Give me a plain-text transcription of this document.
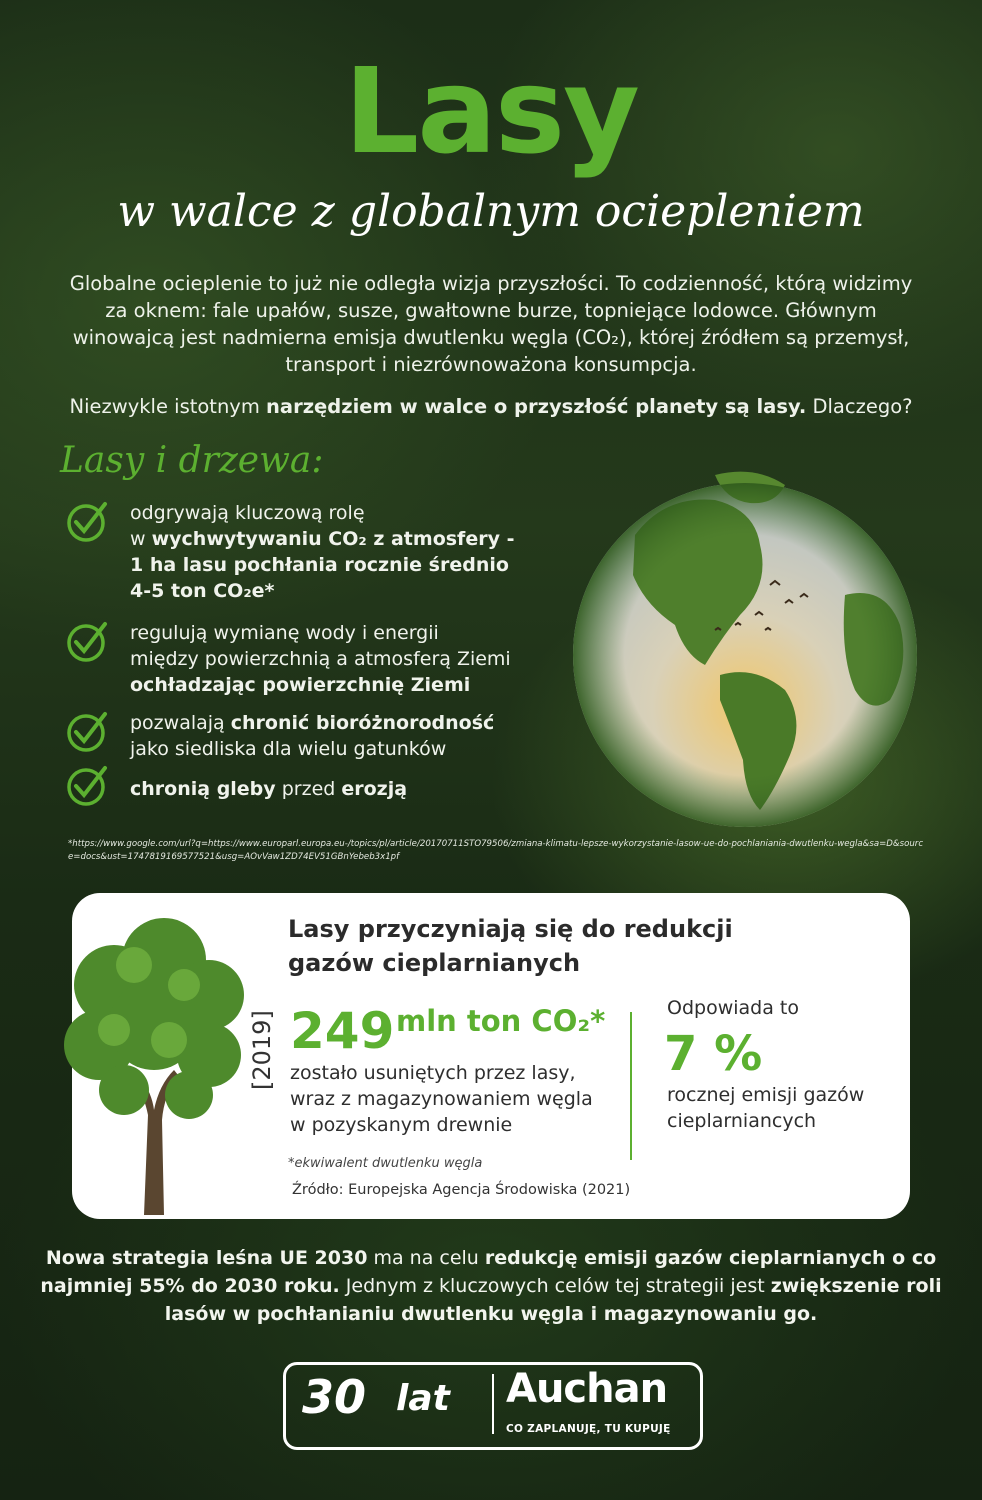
Lasy
w walce z globalnym ociepleniem
Globalne ocieplenie to już nie odległa wizja przyszłości. To codzienność, którą widzimy za oknem: fale upałów, susze, gwałtowne burze, topniejące lodowce. Głównym winowajcą jest nadmierna emisja dwutlenku węgla (CO₂), której źródłem są przemysł, transport i niezrównoważona konsumpcja.
Niezwykle istotnym narzędziem w walce o przyszłość planety są lasy. Dlaczego?
Lasy i drzewa:
odgrywają kluczową rolę
w wychwytywaniu CO₂ z atmosfery -
1 ha lasu pochłania rocznie średnio
4-5 ton CO₂e*
regulują wymianę wody i energii
między powierzchnią a atmosferą Ziemi
ochładzając powierzchnię Ziemi
pozwalają chronić bioróżnorodność
jako siedliska dla wielu gatunków
chronią gleby przed erozją
*https://www.google.com/url?q=https://www.europarl.europa.eu-/topics/pl/article/20170711STO79506/zmiana-klimatu-lepsze-wykorzystanie-lasow-ue-do-pochlaniania-dwutlenku-wegla&sa=D&source=docs&ust=1747819169577521&usg=AOvVaw1ZD74EV51GBnYebeb3x1pf
Lasy przyczyniają się do redukcji
gazów cieplarnianych
[2019] 249 mln ton CO₂*
zostało usuniętych przez lasy,
wraz z magazynowaniem węgla
w pozyskanym drewnie
Odpowiada to
7 %
rocznej emisji gazów
cieplarniancych
*ekwiwalent dwutlenku węgla
Źródło: Europejska Agencja Środowiska (2021)
Nowa strategia leśna UE 2030 ma na celu redukcję emisji gazów cieplarnianych o co najmniej 55% do 2030 roku. Jednym z kluczowych celów tej strategii jest zwiększenie roli lasów w pochłanianiu dwutlenku węgla i magazynowaniu go.
30 lat Auchan
CO ZAPLANUJĘ, TU KUPUJĘ
